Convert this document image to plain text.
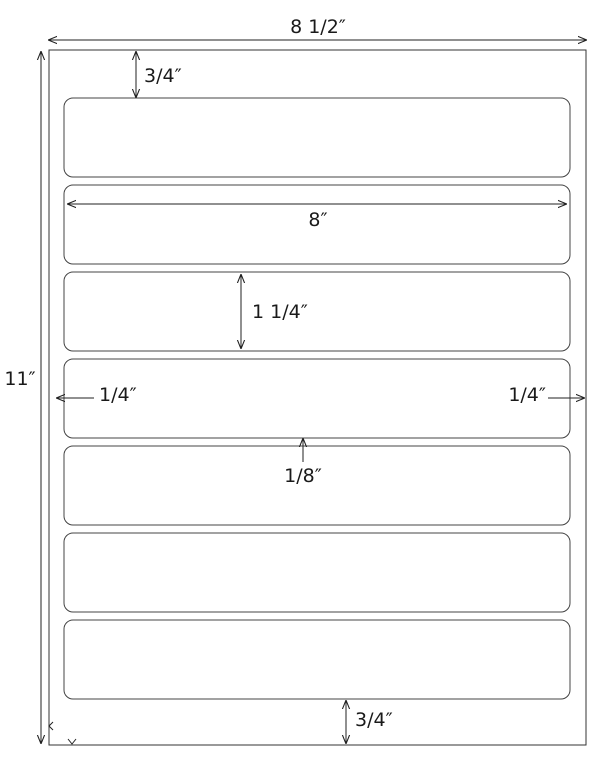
8 1/2″
11″
3/4″
8″
1 1/4″
1/4″	1/4″
1/8″
3/4″
